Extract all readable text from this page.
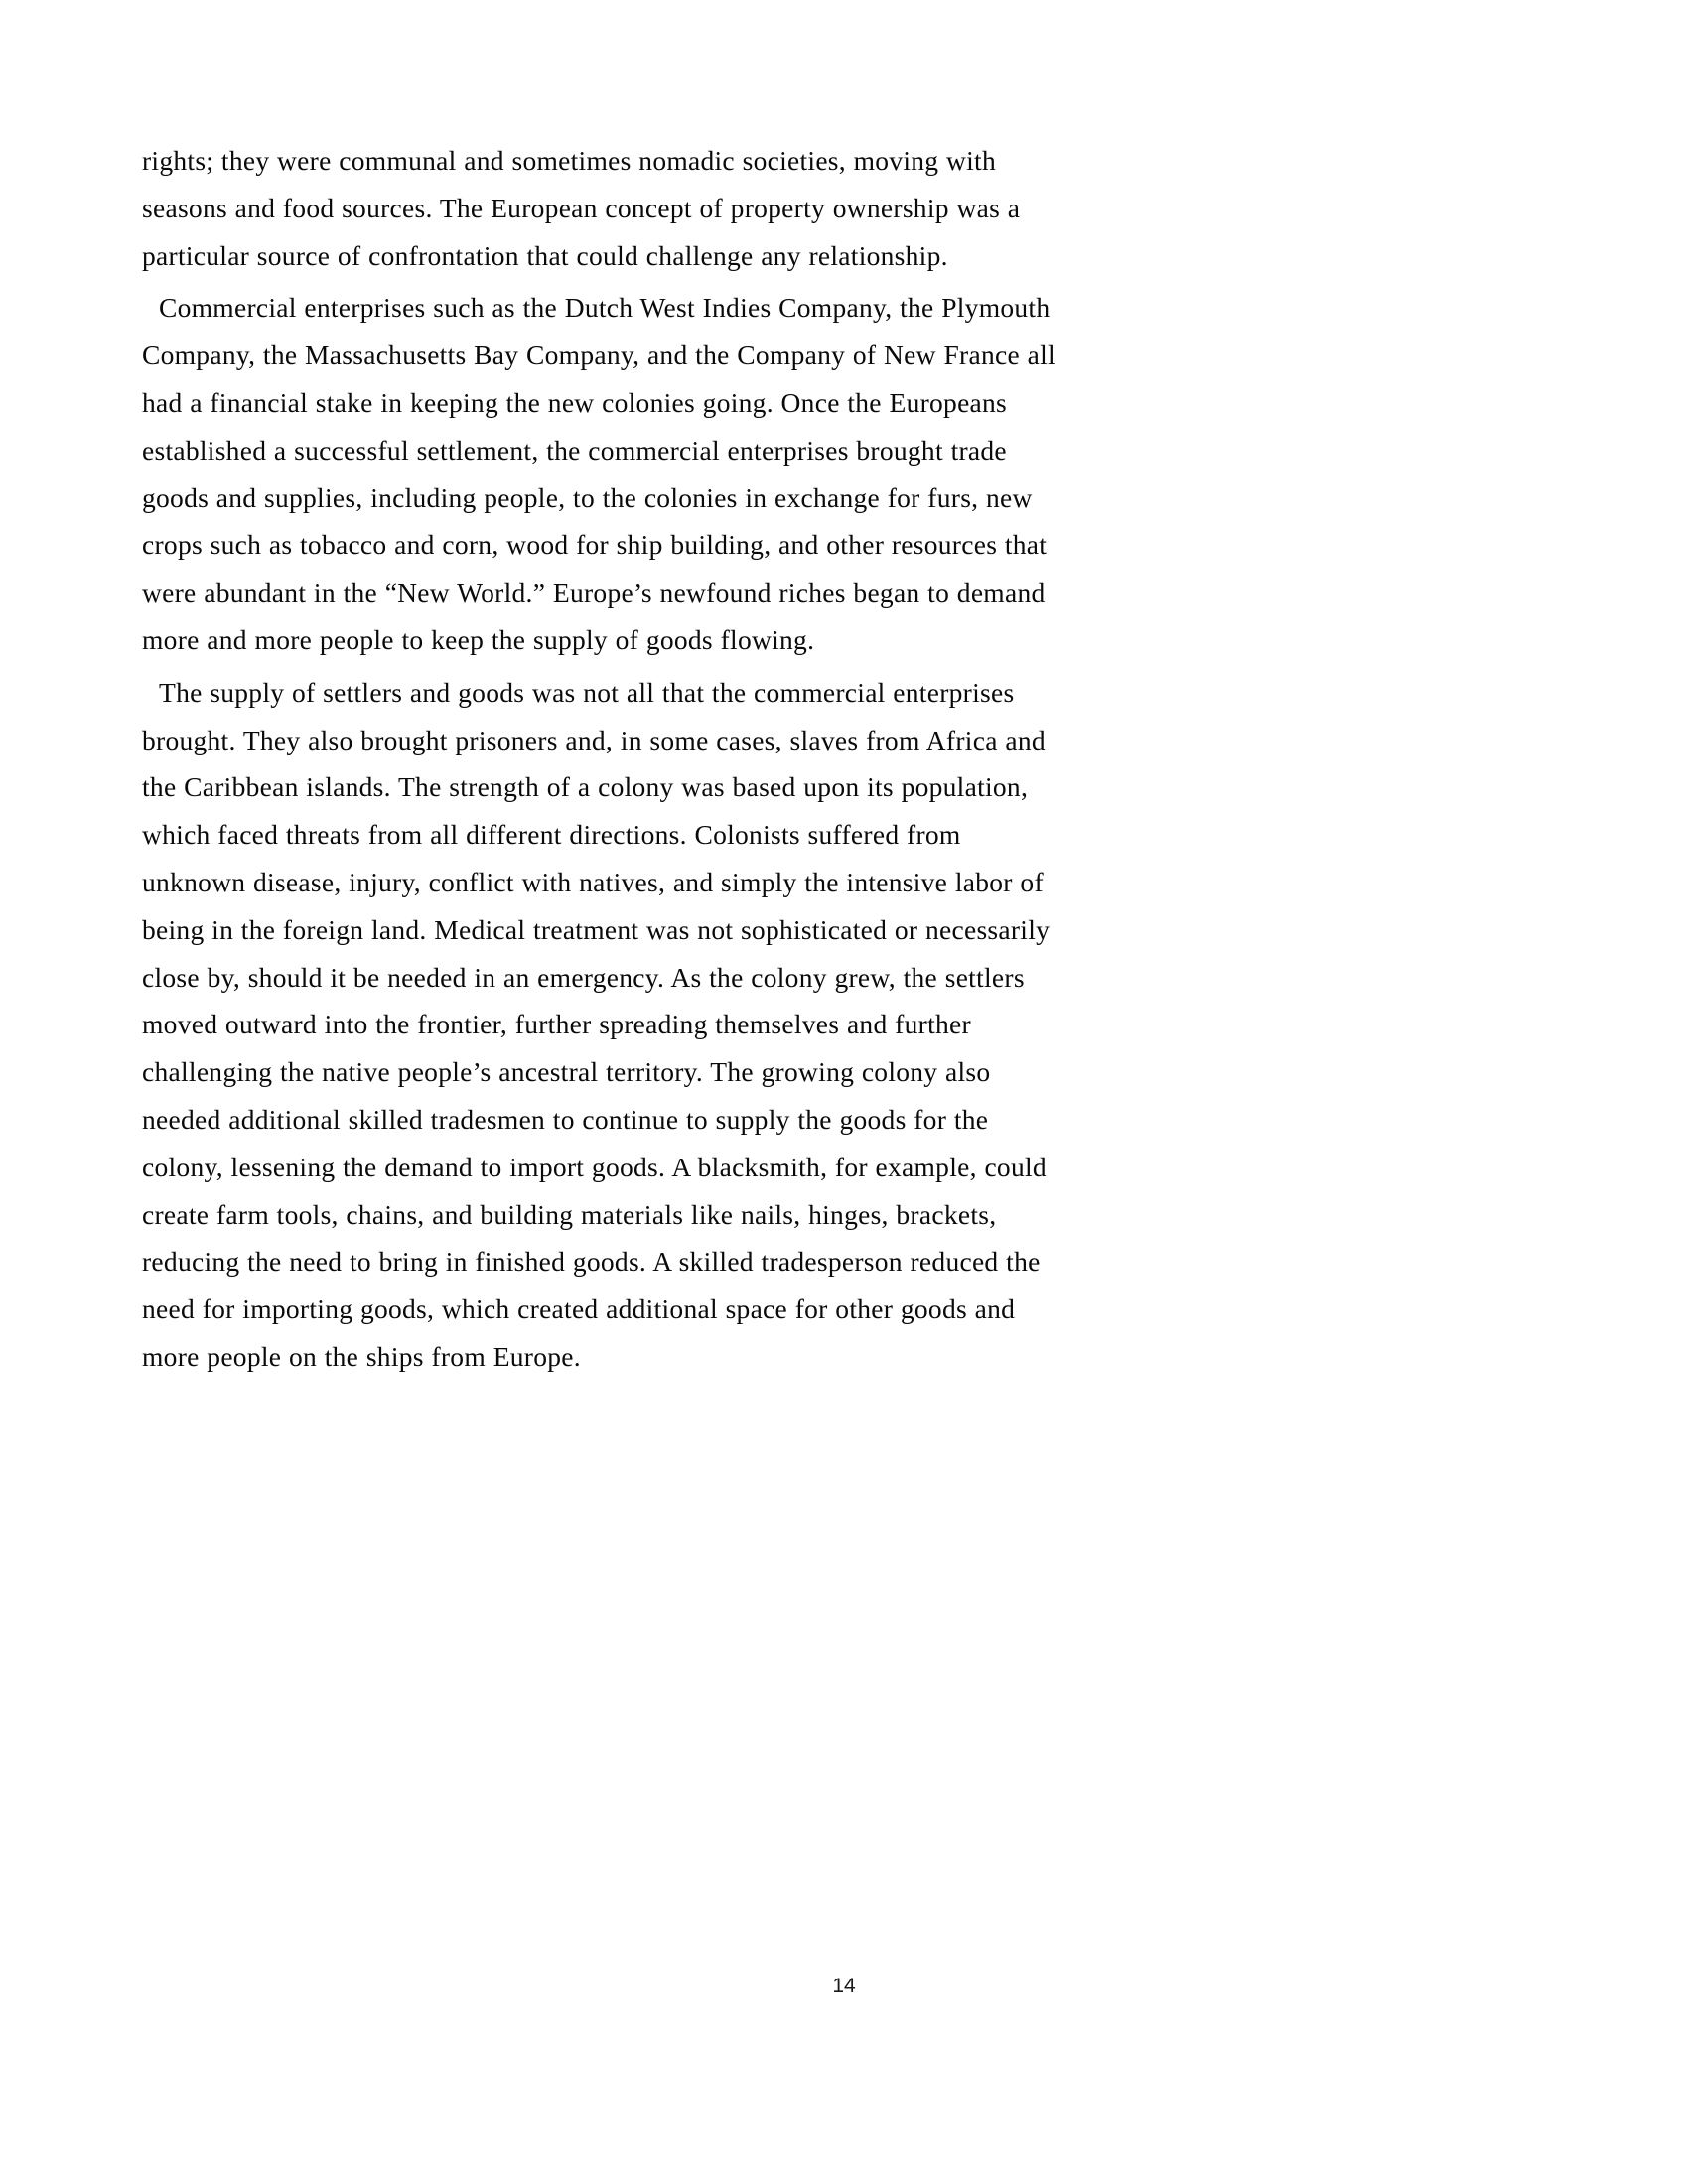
rights; they were communal and sometimes nomadic societies, moving with seasons and food sources. The European concept of property ownership was a particular source of confrontation that could challenge any relationship.

Commercial enterprises such as the Dutch West Indies Company, the Plymouth Company, the Massachusetts Bay Company, and the Company of New France all had a financial stake in keeping the new colonies going. Once the Europeans established a successful settlement, the commercial enterprises brought trade goods and supplies, including people, to the colonies in exchange for furs, new crops such as tobacco and corn, wood for ship building, and other resources that were abundant in the “New World.” Europe’s newfound riches began to demand more and more people to keep the supply of goods flowing.

The supply of settlers and goods was not all that the commercial enterprises brought. They also brought prisoners and, in some cases, slaves from Africa and the Caribbean islands. The strength of a colony was based upon its population, which faced threats from all different directions. Colonists suffered from unknown disease, injury, conflict with natives, and simply the intensive labor of being in the foreign land. Medical treatment was not sophisticated or necessarily close by, should it be needed in an emergency. As the colony grew, the settlers moved outward into the frontier, further spreading themselves and further challenging the native people’s ancestral territory. The growing colony also needed additional skilled tradesmen to continue to supply the goods for the colony, lessening the demand to import goods. A blacksmith, for example, could create farm tools, chains, and building materials like nails, hinges, brackets, reducing the need to bring in finished goods. A skilled tradesperson reduced the need for importing goods, which created additional space for other goods and more people on the ships from Europe.

14
